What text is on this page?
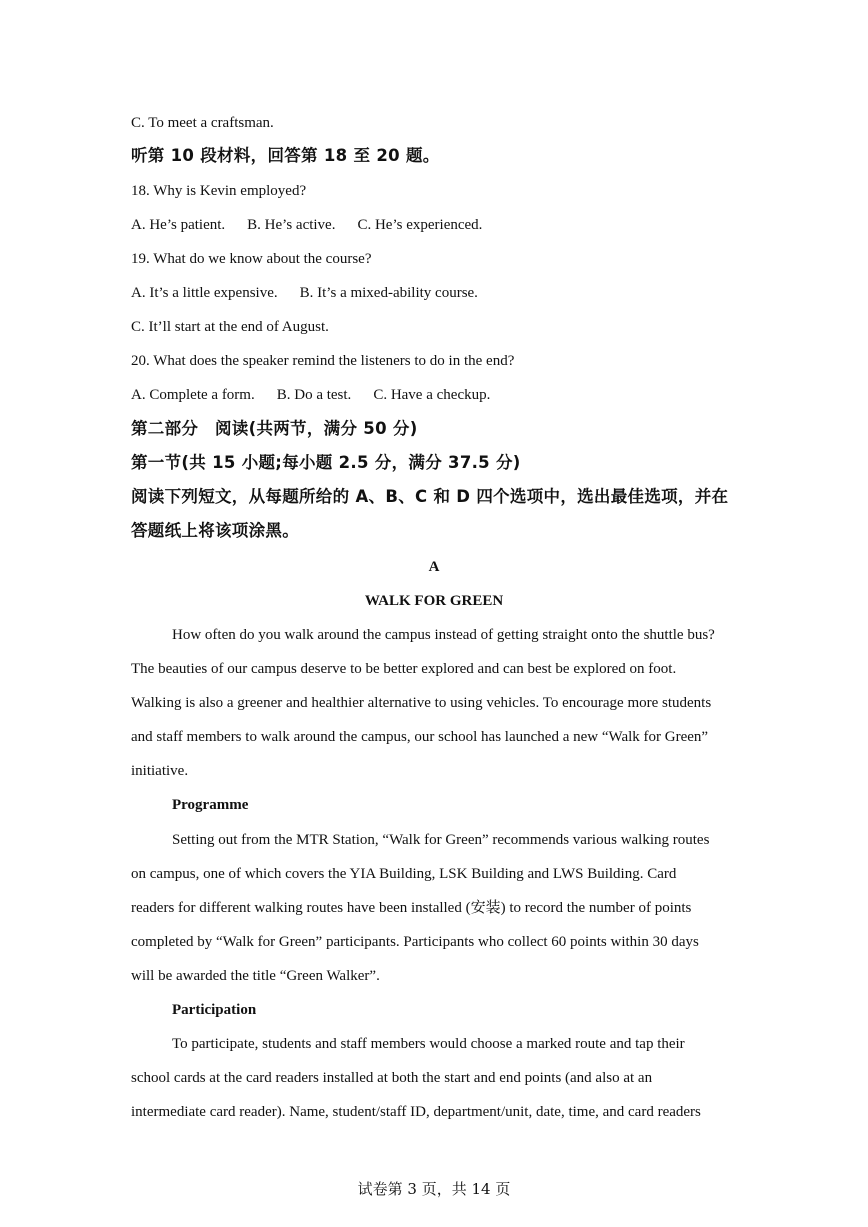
C. To meet a craftsman.
听第 10 段材料，回答第 18 至 20 题。
18. Why is Kevin employed?
A. He’s patient. B. He’s active. C. He’s experienced.
19. What do we know about the course?
A. It’s a little expensive. B. It’s a mixed-ability course.
C. It’ll start at the end of August.
20. What does the speaker remind the listeners to do in the end?
A. Complete a form. B. Do a test. C. Have a checkup.
第二部分　阅读(共两节，满分 50 分)
第一节(共 15 小题;每小题 2.5 分，满分 37.5 分)
阅读下列短文，从每题所给的 A、B、C 和 D 四个选项中，选出最佳选项，并在
答题纸上将该项涂黑。
A
WALK FOR GREEN
How often do you walk around the campus instead of getting straight onto the shuttle bus?
The beauties of our campus deserve to be better explored and can best be explored on foot.
Walking is also a greener and healthier alternative to using vehicles. To encourage more students
and staff members to walk around the campus, our school has launched a new “Walk for Green”
initiative.
Programme
Setting out from the MTR Station, “Walk for Green” recommends various walking routes
on campus, one of which covers the YIA Building, LSK Building and LWS Building. Card
readers for different walking routes have been installed (安装) to record the number of points
completed by “Walk for Green” participants. Participants who collect 60 points within 30 days
will be awarded the title “Green Walker”.
Participation
To participate, students and staff members would choose a marked route and tap their
school cards at the card readers installed at both the start and end points (and also at an
intermediate card reader). Name, student/staff ID, department/unit, date, time, and card readers
试卷第 3 页，共 14 页
